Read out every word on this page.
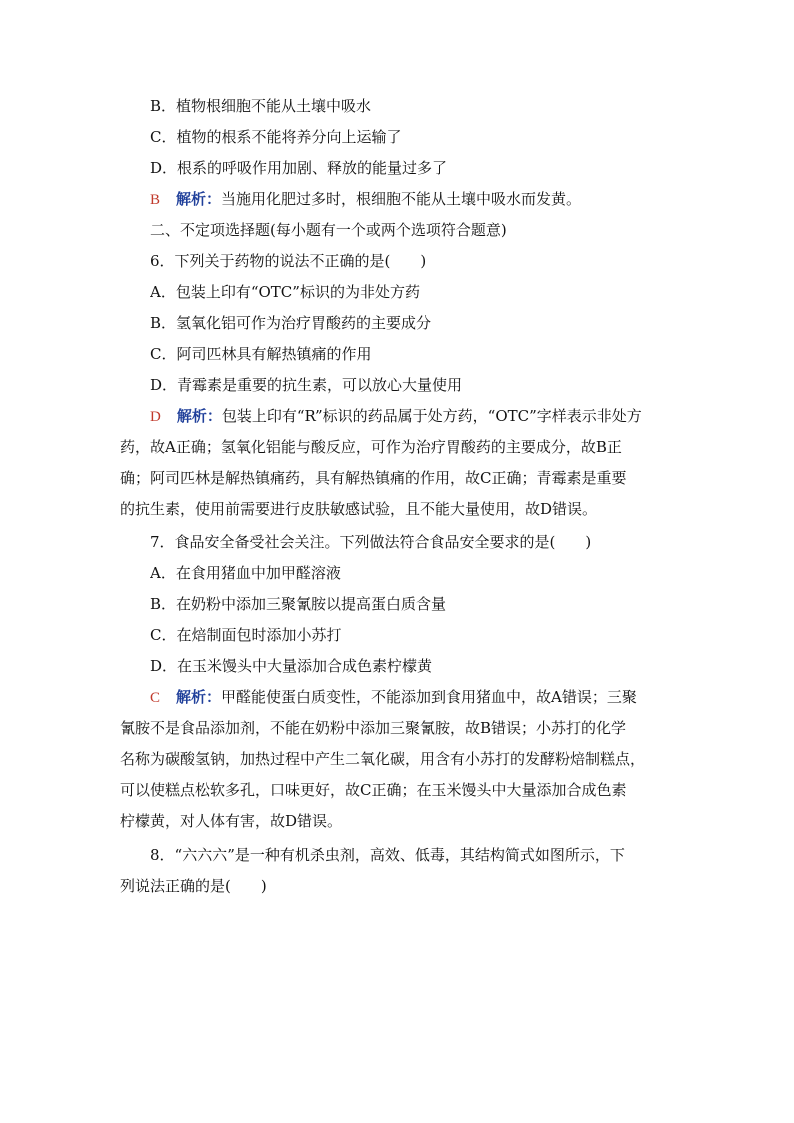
B．植物根细胞不能从土壤中吸水
C．植物的根系不能将养分向上运输了
D．根系的呼吸作用加剧、释放的能量过多了
B 解析：当施用化肥过多时，根细胞不能从土壤中吸水而发黄。
二、不定项选择题(每小题有一个或两个选项符合题意)
6．下列关于药物的说法不正确的是(　　)
A．包装上印有“OTC”标识的为非处方药
B．氢氧化铝可作为治疗胃酸药的主要成分
C．阿司匹林具有解热镇痛的作用
D．青霉素是重要的抗生素，可以放心大量使用
D 解析：包装上印有“R”标识的药品属于处方药，“OTC”字样表示非处方
药，故A正确；氢氧化铝能与酸反应，可作为治疗胃酸药的主要成分，故B正
确；阿司匹林是解热镇痛药，具有解热镇痛的作用，故C正确；青霉素是重要
的抗生素，使用前需要进行皮肤敏感试验，且不能大量使用，故D错误。
7．食品安全备受社会关注。下列做法符合食品安全要求的是(　　)
A．在食用猪血中加甲醛溶液
B．在奶粉中添加三聚氰胺以提高蛋白质含量
C．在焙制面包时添加小苏打
D．在玉米馒头中大量添加合成色素柠檬黄
C 解析：甲醛能使蛋白质变性，不能添加到食用猪血中，故A错误；三聚
氰胺不是食品添加剂，不能在奶粉中添加三聚氰胺，故B错误；小苏打的化学
名称为碳酸氢钠，加热过程中产生二氧化碳，用含有小苏打的发酵粉焙制糕点，
可以使糕点松软多孔，口味更好，故C正确；在玉米馒头中大量添加合成色素
柠檬黄，对人体有害，故D错误。
8．“六六六”是一种有机杀虫剂，高效、低毒，其结构简式如图所示，下
列说法正确的是(　　)
